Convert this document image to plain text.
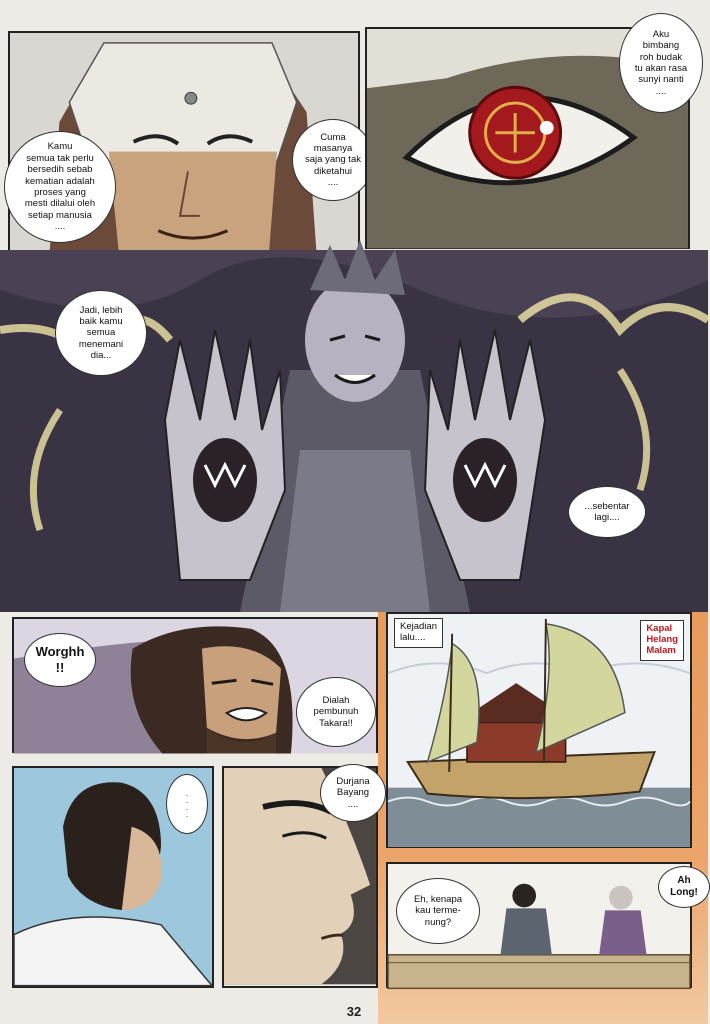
Kamu
semua tak perlu
bersedih sebab
kematian adalah
proses yang
mesti dilalui oleh
setiap manusia
....
Cuma
masanya
saja yang tak
diketahui
....
Aku
bimbang
roh budak
tu akan rasa
sunyi nanti
....
Jadi, lebih
baik kamu
semua
menemani
dia...
...sebentar
lagi....
Worghh
!!
Dialah
pembunuh
Takara!!
Kejadian
lalu....
Kapal
Helang
Malam
.
.
.
.
Durjana
Bayang
....
Eh, kenapa
kau terme-
nung?
Ah
Long!
32
